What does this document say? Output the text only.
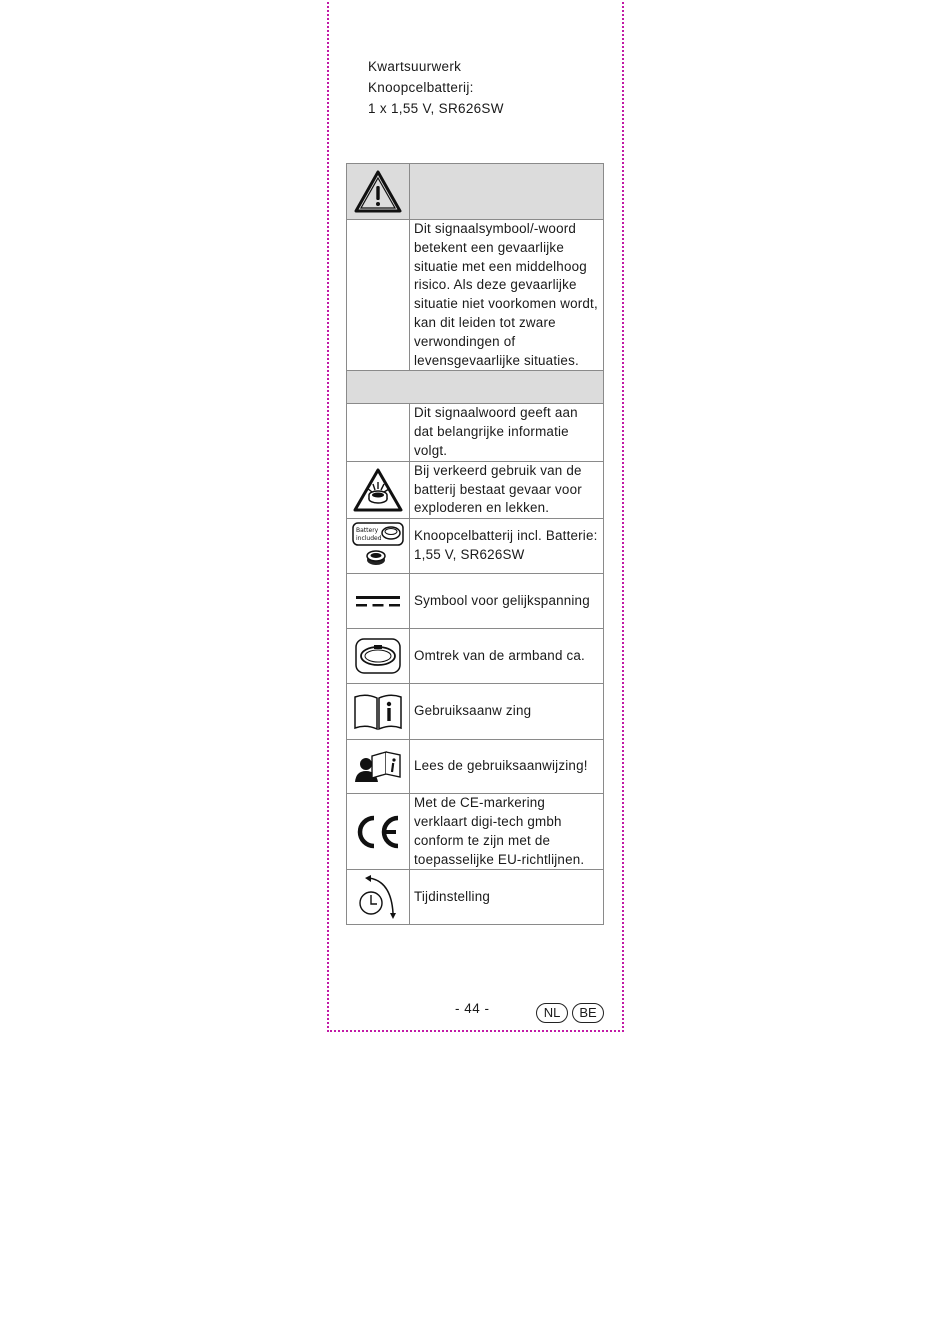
Kwartsuurwerk
Knoopcelbatterij:
1 x 1,55 V, SR626SW

	Dit signaalsymbool/-woord betekent een gevaarlijke situatie met een middelhoog risico. Als deze gevaarlijke situatie niet voorkomen wordt, kan dit leiden tot zware verwondingen of levensgevaarlijke situaties.

	Dit signaalwoord geeft aan dat belangrijke informatie volgt.

	Bij verkeerd gebruik van de batterij bestaat gevaar voor exploderen en lekken.

Battery
included	Knoopcelbatterij incl. Batterie: 1,55 V, SR626SW

	Symbool voor gelijkspanning

	Omtrek van de armband ca.

	Gebruiksaanw zing

	Lees de gebruiksaanwijzing!

	Met de CE-markering verklaart digi-tech gmbh conform te zijn met de toepasselijke EU-richtlijnen.

	Tijdinstelling
- 44 -	NL	BE
